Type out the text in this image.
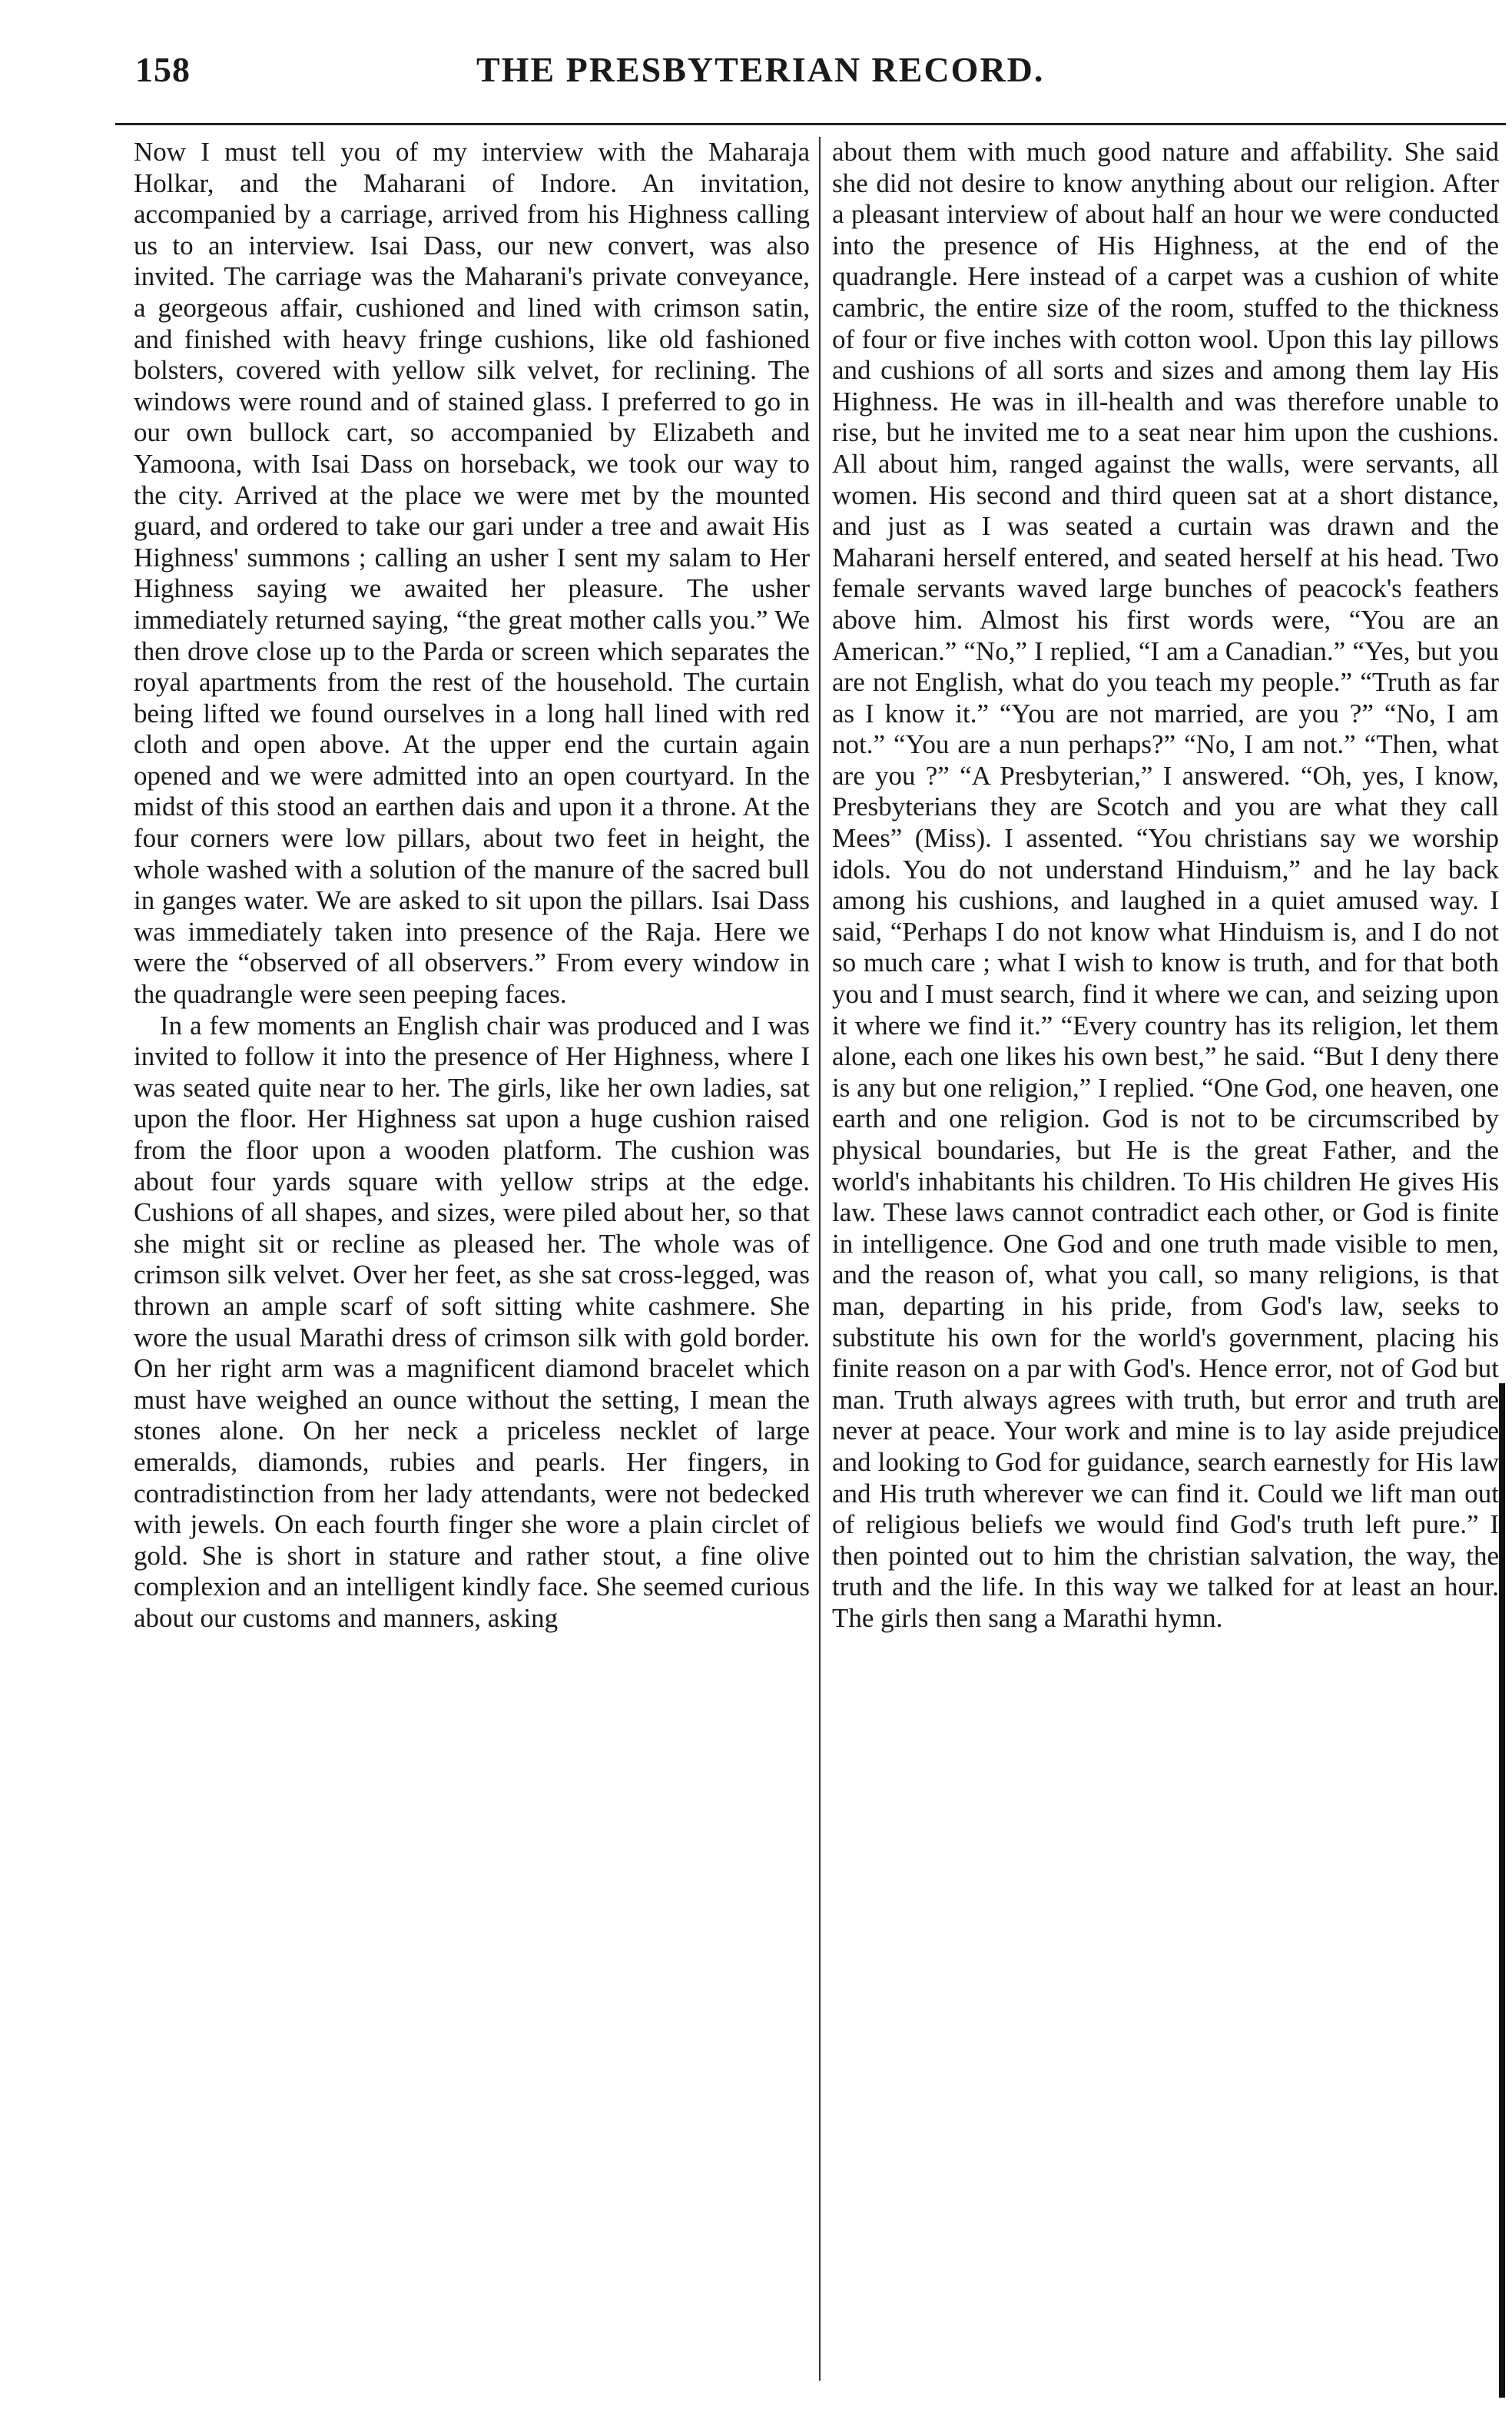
158	THE PRESBYTERIAN RECORD.

Now I must tell you of my interview with the Maharaja Holkar, and the Maharani of Indore. An invitation, accompanied by a carriage, arrived from his Highness calling us to an interview. Isai Dass, our new convert, was also invited. The carriage was the Maharani's private conveyance, a georgeous affair, cushioned and lined with crimson satin, and finished with heavy fringe cushions, like old fashioned bolsters, covered with yellow silk velvet, for reclining. The windows were round and of stained glass. I preferred to go in our own bullock cart, so accompanied by Elizabeth and Yamoona, with Isai Dass on horseback, we took our way to the city. Arrived at the place we were met by the mounted guard, and ordered to take our gari under a tree and await His Highness' summons ; calling an usher I sent my salam to Her Highness saying we awaited her pleasure. The usher immediately returned saying, “the great mother calls you.” We then drove close up to the Parda or screen which separates the royal apartments from the rest of the household. The curtain being lifted we found ourselves in a long hall lined with red cloth and open above. At the upper end the curtain again opened and we were admitted into an open courtyard. In the midst of this stood an earthen dais and upon it a throne. At the four corners were low pillars, about two feet in height, the whole washed with a solution of the manure of the sacred bull in ganges water. We are asked to sit upon the pillars. Isai Dass was immediately taken into presence of the Raja. Here we were the “observed of all observers.” From every window in the quadrangle were seen peeping faces.

In a few moments an English chair was produced and I was invited to follow it into the presence of Her Highness, where I was seated quite near to her. The girls, like her own ladies, sat upon the floor. Her Highness sat upon a huge cushion raised from the floor upon a wooden platform. The cushion was about four yards square with yellow strips at the edge. Cushions of all shapes, and sizes, were piled about her, so that she might sit or recline as pleased her. The whole was of crimson silk velvet. Over her feet, as she sat cross-legged, was thrown an ample scarf of soft sitting white cashmere. She wore the usual Marathi dress of crimson silk with gold border. On her right arm was a magnificent diamond bracelet which must have weighed an ounce without the setting, I mean the stones alone. On her neck a priceless necklet of large emeralds, diamonds, rubies and pearls. Her fingers, in contradistinction from her lady attendants, were not bedecked with jewels. On each fourth finger she wore a plain circlet of gold. She is short in stature and rather stout, a fine olive complexion and an intelligent kindly face. She seemed curious about our customs and manners, asking

about them with much good nature and affability. She said she did not desire to know anything about our religion. After a pleasant interview of about half an hour we were conducted into the presence of His Highness, at the end of the quadrangle. Here instead of a carpet was a cushion of white cambric, the entire size of the room, stuffed to the thickness of four or five inches with cotton wool. Upon this lay pillows and cushions of all sorts and sizes and among them lay His Highness. He was in ill-health and was therefore unable to rise, but he invited me to a seat near him upon the cushions. All about him, ranged against the walls, were servants, all women. His second and third queen sat at a short distance, and just as I was seated a curtain was drawn and the Maharani herself entered, and seated herself at his head. Two female servants waved large bunches of peacock's feathers above him. Almost his first words were, “You are an American.” “No,” I replied, “I am a Canadian.” “Yes, but you are not English, what do you teach my people.” “Truth as far as I know it.” “You are not married, are you ?” “No, I am not.” “You are a nun perhaps?” “No, I am not.” “Then, what are you ?” “A Presbyterian,” I answered. “Oh, yes, I know, Presbyterians they are Scotch and you are what they call Mees” (Miss). I assented. “You christians say we worship idols. You do not understand Hinduism,” and he lay back among his cushions, and laughed in a quiet amused way. I said, “Perhaps I do not know what Hinduism is, and I do not so much care ; what I wish to know is truth, and for that both you and I must search, find it where we can, and seizing upon it where we find it.” “Every country has its religion, let them alone, each one likes his own best,” he said. “But I deny there is any but one religion,” I replied. “One God, one heaven, one earth and one religion. God is not to be circumscribed by physical boundaries, but He is the great Father, and the world's inhabitants his children. To His children He gives His law. These laws cannot contradict each other, or God is finite in intelligence. One God and one truth made visible to men, and the reason of, what you call, so many religions, is that man, departing in his pride, from God's law, seeks to substitute his own for the world's government, placing his finite reason on a par with God's. Hence error, not of God but man. Truth always agrees with truth, but error and truth are never at peace. Your work and mine is to lay aside prejudice and looking to God for guidance, search earnestly for His law and His truth wherever we can find it. Could we lift man out of religious beliefs we would find God's truth left pure.” I then pointed out to him the christian salvation, the way, the truth and the life. In this way we talked for at least an hour. The girls then sang a Marathi hymn.
